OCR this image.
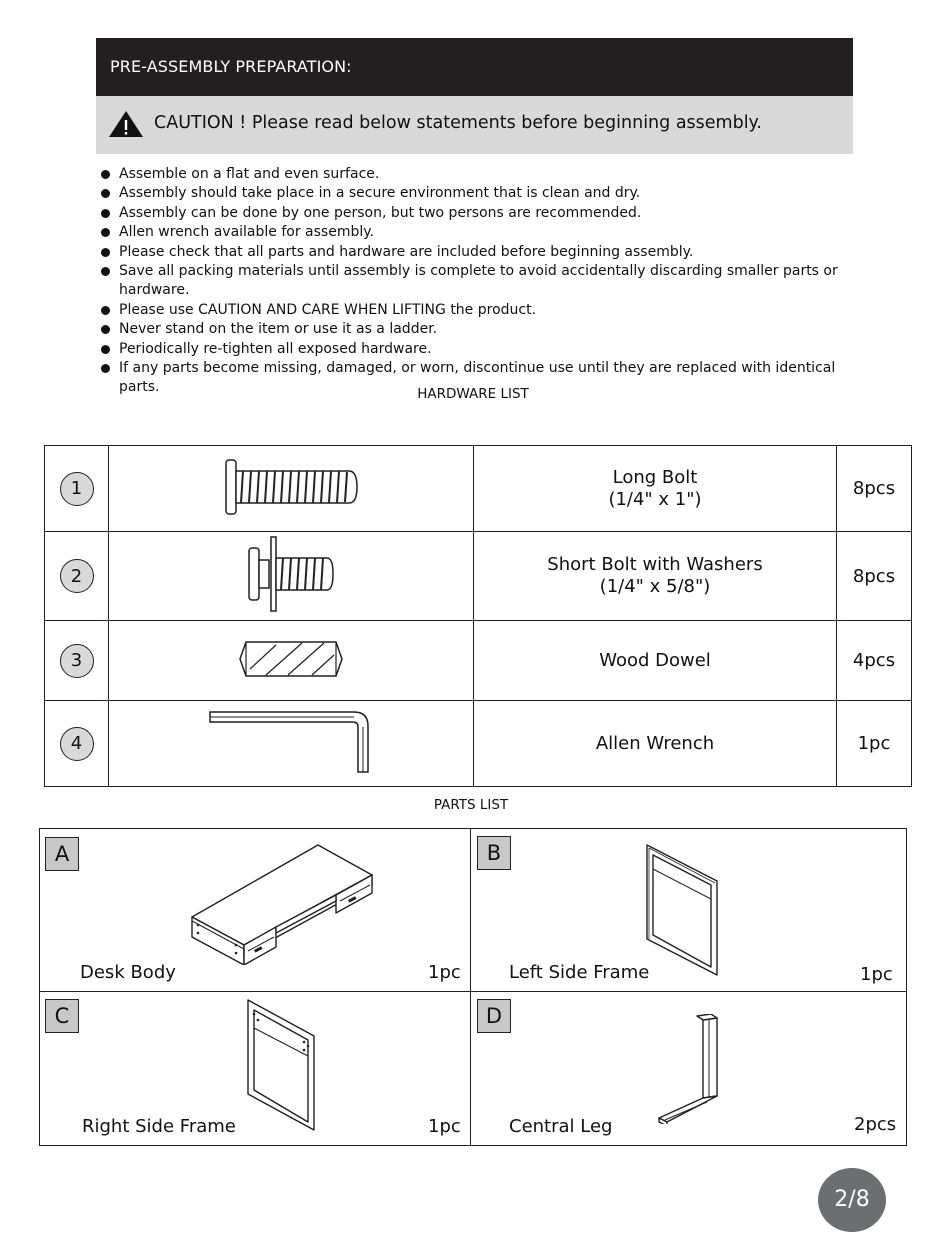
PRE-ASSEMBLY PREPARATION:
CAUTION ! Please read below statements before beginning assembly.
Assemble on a flat and even surface.
Assembly should take place in a secure environment that is clean and dry.
Assembly can be done by one person, but two persons are recommended.
Allen wrench available for assembly.
Please check that all parts and hardware are included before beginning assembly.
Save all packing materials until assembly is complete to avoid accidentally discarding smaller parts or hardware.
Please use CAUTION AND CARE WHEN LIFTING the product.
Never stand on the item or use it as a ladder.
Periodically re-tighten all exposed hardware.
If any parts become missing, damaged, or worn, discontinue use until they are replaced with identical parts.	HARDWARE LIST
1		Long Bolt
(1/4" x 1")	8pcs
2		Short Bolt with Washers
(1/4" x 5/8")	8pcs
3		Wood Dowel	4pcs
4		Allen Wrench	1pc
PARTS LIST
A
Desk Body	1pc
B
Left Side Frame	1pc
C
Right Side Frame	1pc
D
Central Leg	2pcs
2/8
